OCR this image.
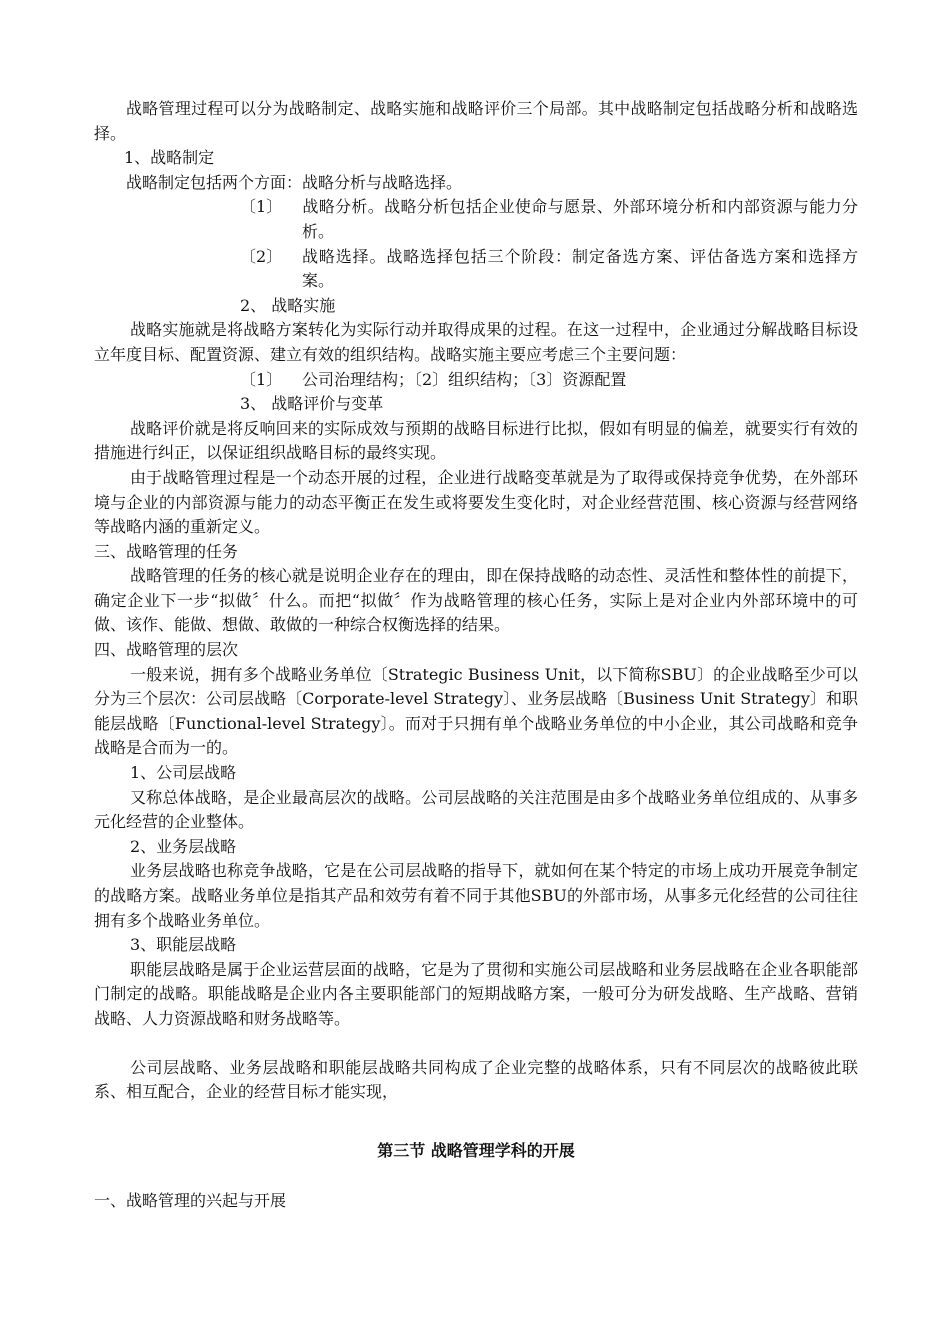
战略管理过程可以分为战略制定、战略实施和战略评价三个局部。其中战略制定包括战略分析和战略选择。

1、战略制定

战略制定包括两个方面：战略分析与战略选择。

〔1〕	战略分析。战略分析包括企业使命与愿景、外部环境分析和内部资源与能力分析。
〔2〕	战略选择。战略选择包括三个阶段：制定备选方案、评估备选方案和选择方案。

2、 战略实施

战略实施就是将战略方案转化为实际行动并取得成果的过程。在这一过程中，企业通过分解战略目标设立年度目标、配置资源、建立有效的组织结构。战略实施主要应考虑三个主要问题：

〔1〕	公司治理结构；〔2〕组织结构；〔3〕资源配置

3、 战略评价与变革

战略评价就是将反响回来的实际成效与预期的战略目标进行比拟，假如有明显的偏差，就要实行有效的措施进行纠正，以保证组织战略目标的最终实现。

由于战略管理过程是一个动态开展的过程，企业进行战略变革就是为了取得或保持竞争优势，在外部环境与企业的内部资源与能力的动态平衡正在发生或将要发生变化时，对企业经营范围、核心资源与经营网络等战略内涵的重新定义。

三、战略管理的任务

战略管理的任务的核心就是说明企业存在的理由，即在保持战略的动态性、灵活性和整体性的前提下，确定企业下一步“拟做〞什么。而把“拟做〞作为战略管理的核心任务，实际上是对企业内外部环境中的可做、该作、能做、想做、敢做的一种综合权衡选择的结果。

四、战略管理的层次

一般来说，拥有多个战略业务单位〔Strategic Business Unit，以下简称SBU〕的企业战略至少可以分为三个层次：公司层战略〔Corporate-level Strategy〕、业务层战略〔Business Unit Strategy〕和职能层战略〔Functional-level Strategy〕。而对于只拥有单个战略业务单位的中小企业，其公司战略和竞争战略是合而为一的。

1、公司层战略

又称总体战略，是企业最高层次的战略。公司层战略的关注范围是由多个战略业务单位组成的、从事多元化经营的企业整体。

2、业务层战略

业务层战略也称竞争战略，它是在公司层战略的指导下，就如何在某个特定的市场上成功开展竞争制定的战略方案。战略业务单位是指其产品和效劳有着不同于其他SBU的外部市场，从事多元化经营的公司往往拥有多个战略业务单位。

3、职能层战略

职能层战略是属于企业运营层面的战略，它是为了贯彻和实施公司层战略和业务层战略在企业各职能部门制定的战略。职能战略是企业内各主要职能部门的短期战略方案，一般可分为研发战略、生产战略、营销战略、人力资源战略和财务战略等。

公司层战略、业务层战略和职能层战略共同构成了企业完整的战略体系，只有不同层次的战略彼此联系、相互配合，企业的经营目标才能实现，

第三节 战略管理学科的开展

一、战略管理的兴起与开展
